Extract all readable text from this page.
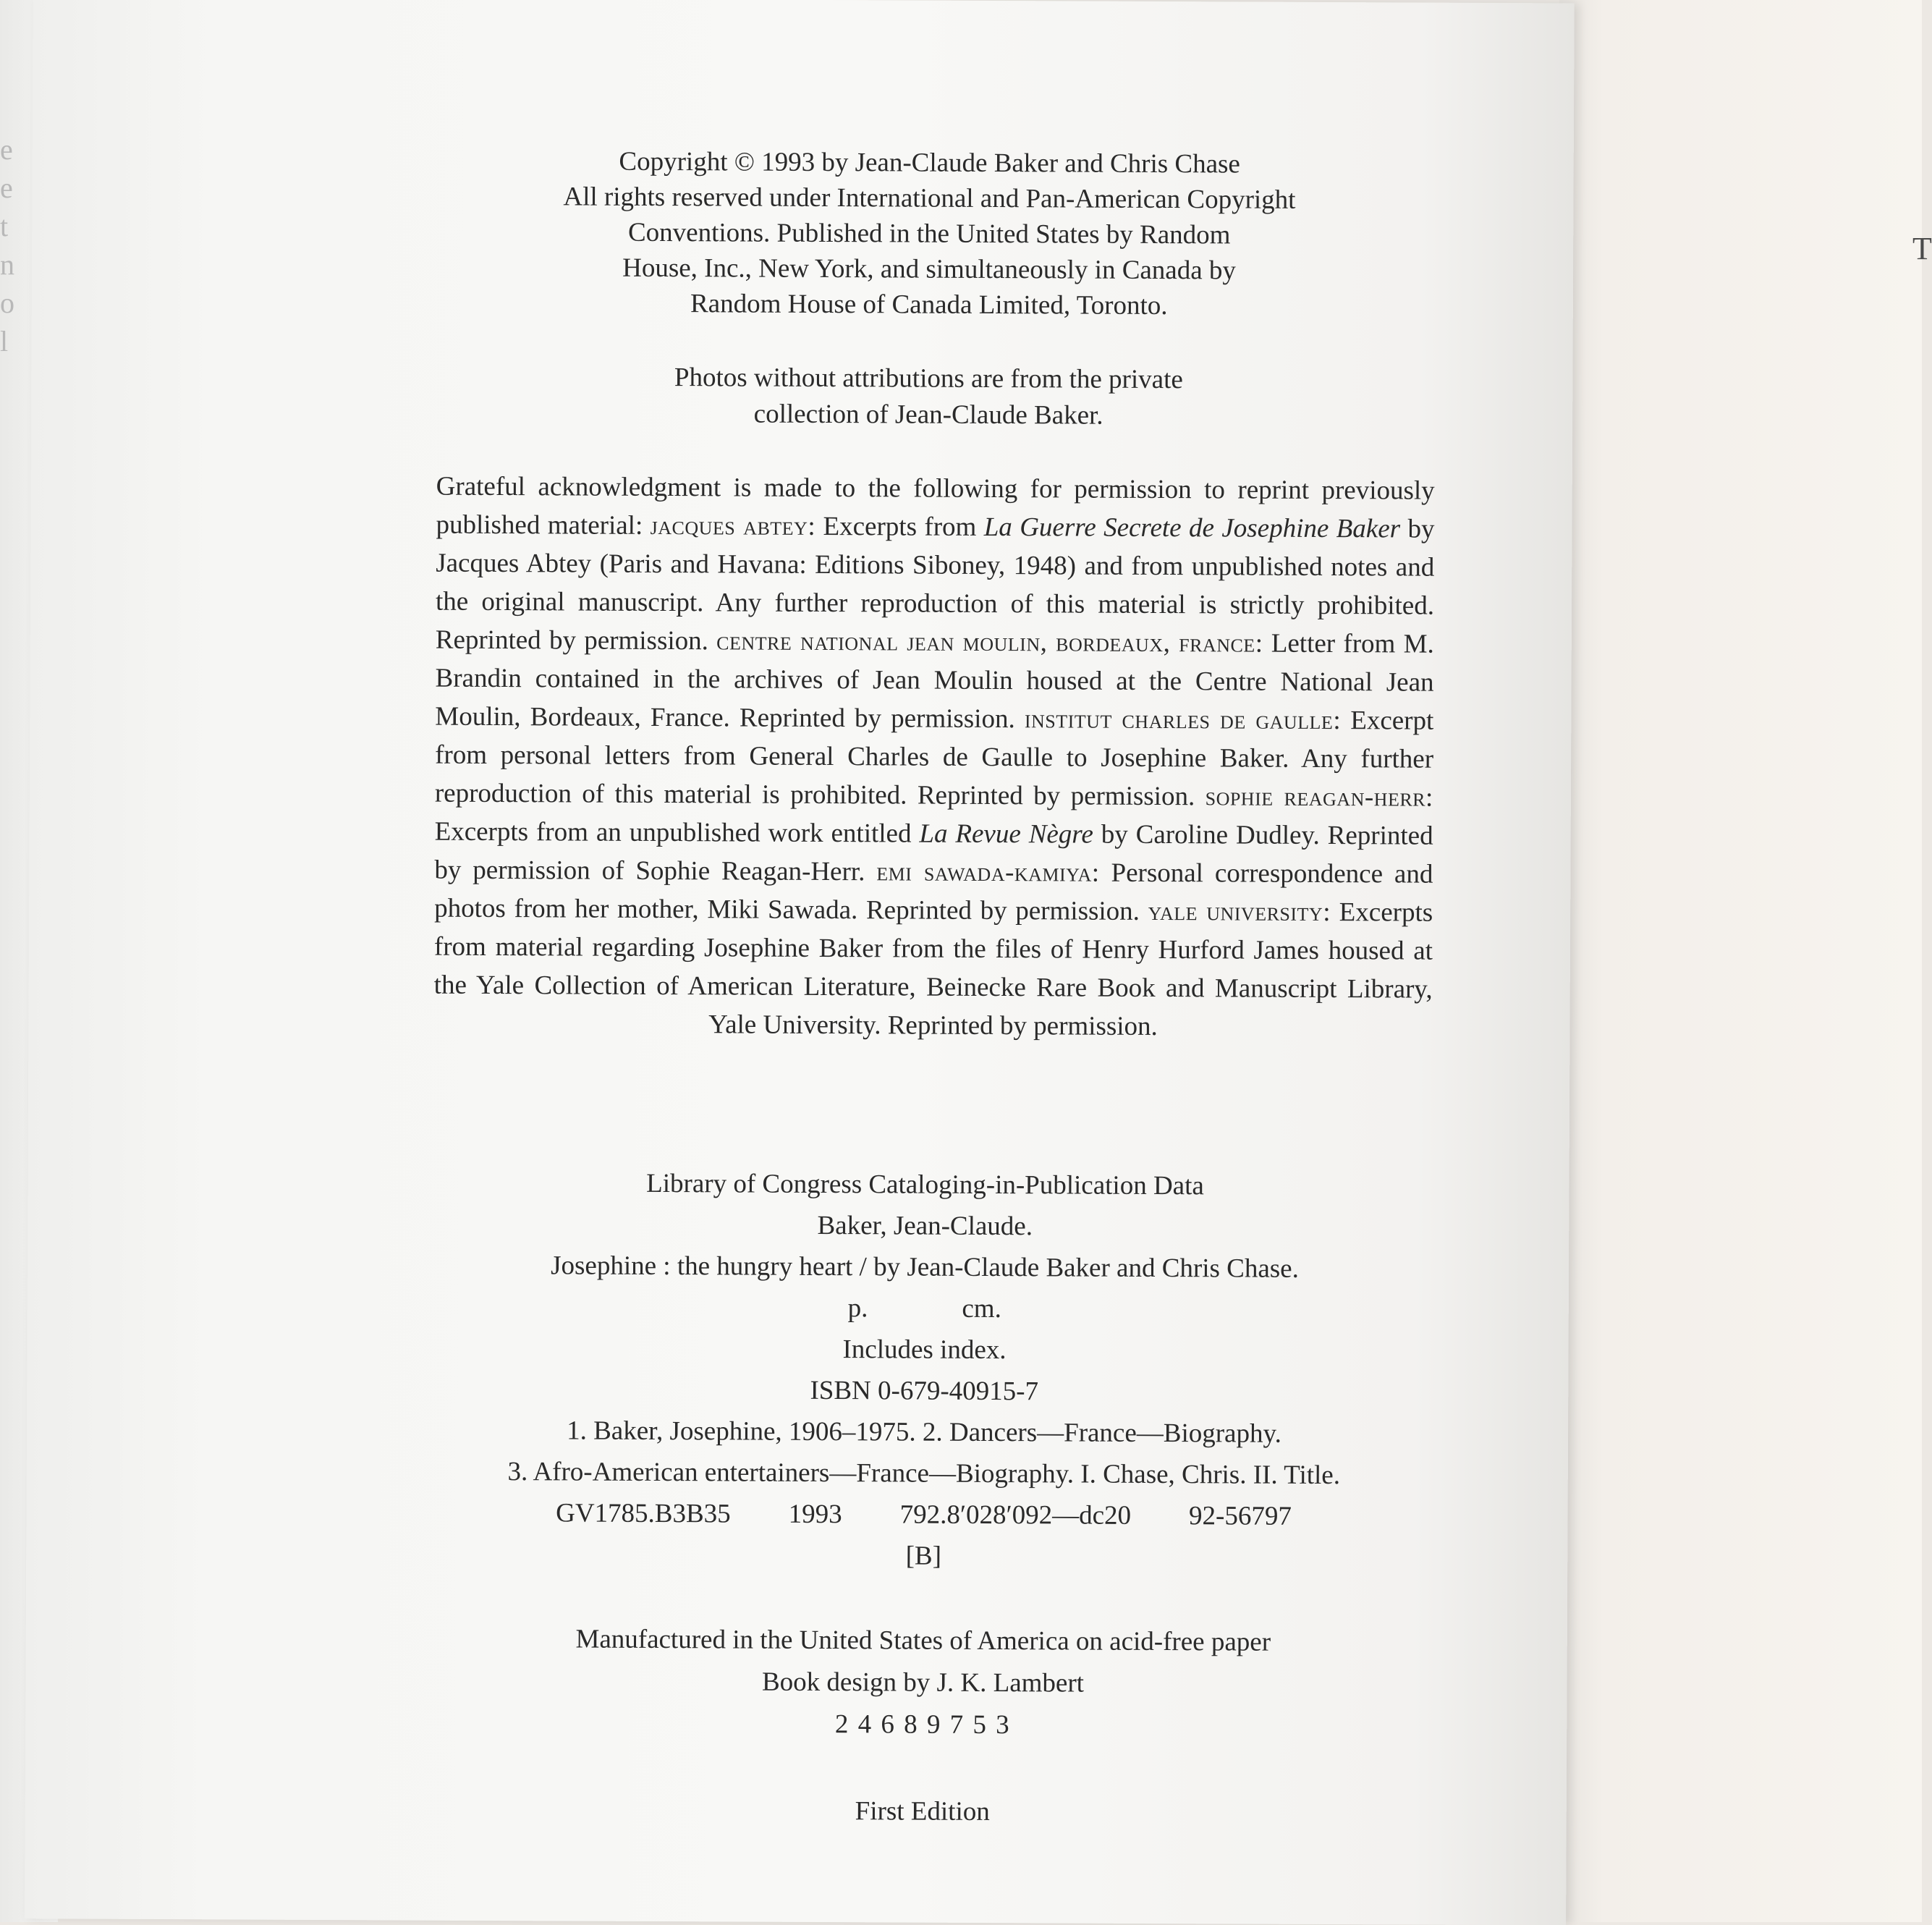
e
e
t
n
o
l
T
Copyright © 1993 by Jean-Claude Baker and Chris Chase
All rights reserved under International and Pan-American Copyright
Conventions. Published in the United States by Random
House, Inc., New York, and simultaneously in Canada by
Random House of Canada Limited, Toronto.
Photos without attributions are from the private
collection of Jean-Claude Baker.
Grateful acknowledgment is made to the following for permission to reprint previously published material: jacques abtey: Excerpts from La Guerre Secrete de Josephine Baker by Jacques Abtey (Paris and Havana: Editions Siboney, 1948) and from unpublished notes and the original manuscript. Any further reproduction of this material is strictly prohibited. Reprinted by permission. centre national jean moulin, bordeaux, france: Letter from M. Brandin contained in the archives of Jean Moulin housed at the Centre National Jean Moulin, Bordeaux, France. Reprinted by permission. institut charles de gaulle: Excerpt from personal letters from General Charles de Gaulle to Josephine Baker. Any further reproduction of this material is prohibited. Reprinted by permission. sophie reagan-herr: Excerpts from an unpublished work entitled La Revue Nègre by Caroline Dudley. Reprinted by permission of Sophie Reagan-Herr. emi sawada-kamiya: Personal correspondence and photos from her mother, Miki Sawada. Reprinted by permission. yale university: Excerpts from material regarding Josephine Baker from the files of Henry Hurford James housed at the Yale Collection of American Literature, Beinecke Rare Book and Manuscript Library, Yale University. Reprinted by permission.
Library of Congress Cataloging-in-Publication Data
Baker, Jean-Claude.
Josephine : the hungry heart / by Jean-Claude Baker and Chris Chase.
p.	cm.
Includes index.
ISBN 0-679-40915-7
1. Baker, Josephine, 1906–1975. 2. Dancers—France—Biography.
3. Afro-American entertainers—France—Biography. I. Chase, Chris. II. Title.
GV1785.B3B35 1993 792.8′028′092—dc20 92-56797
[B]
Manufactured in the United States of America on acid-free paper
Book design by J. K. Lambert
2 4 6 8 9 7 5 3
First Edition
